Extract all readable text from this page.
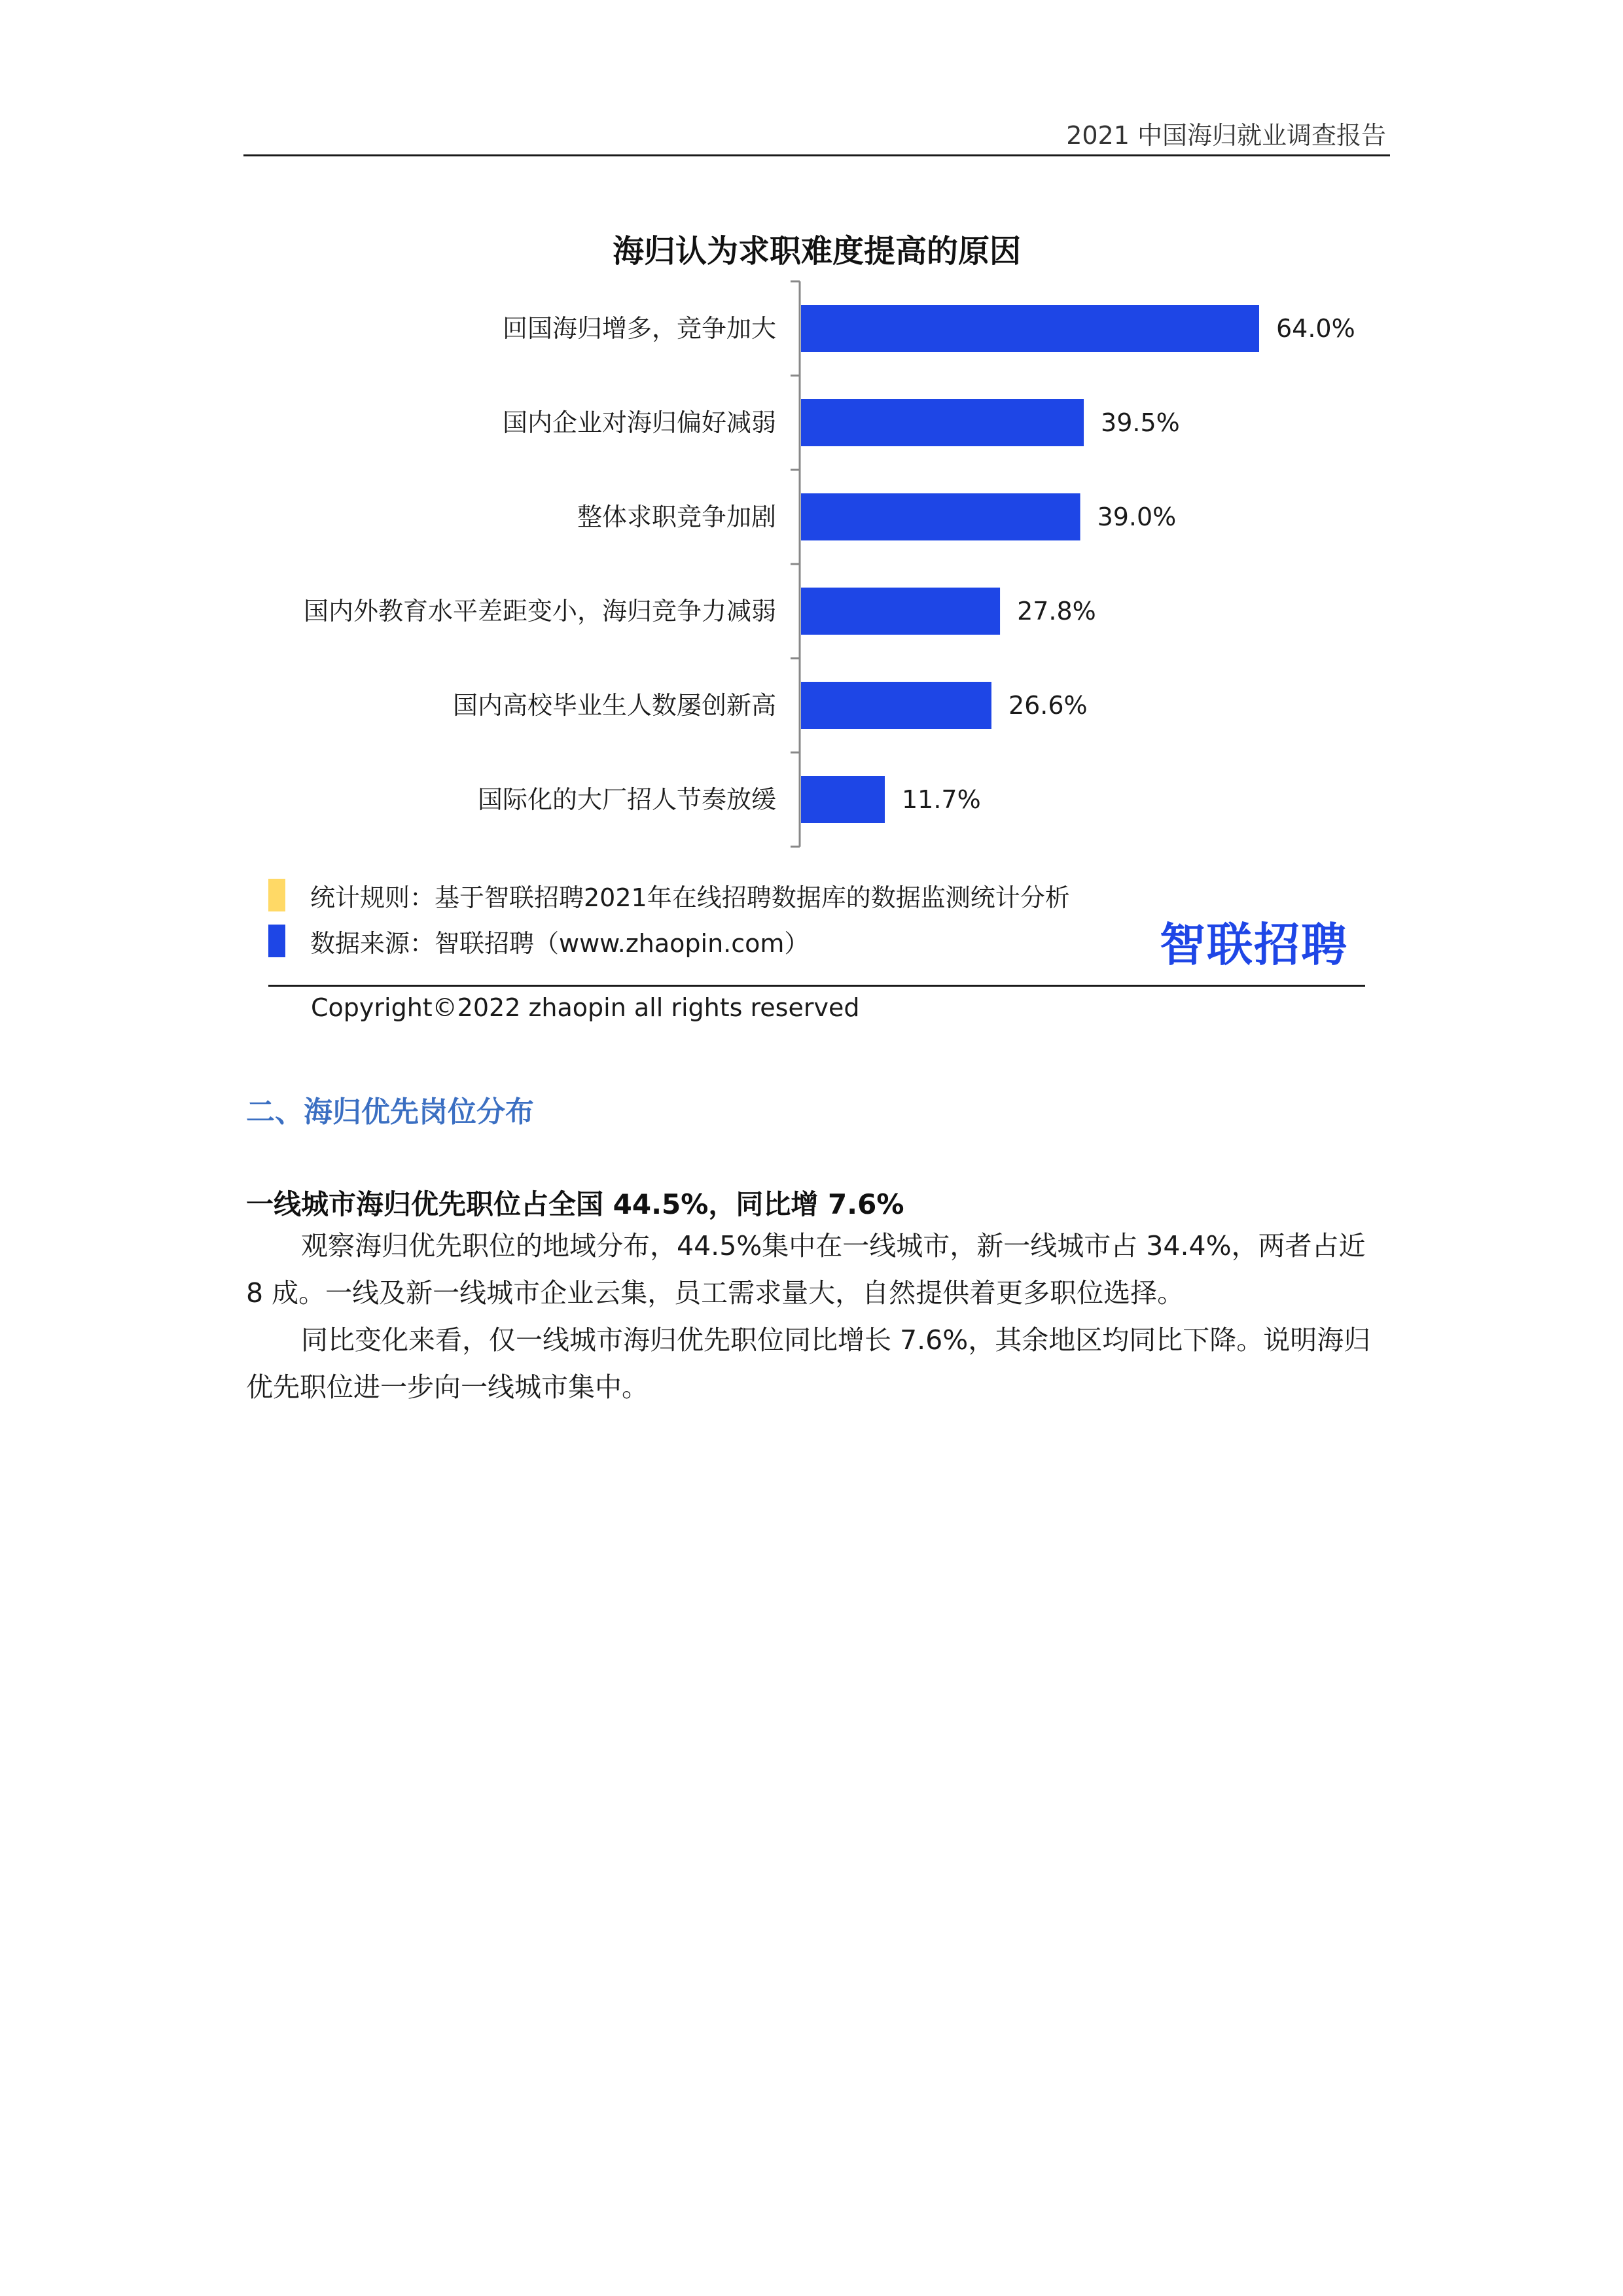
2021 中国海归就业调查报告
海归认为求职难度提高的原因
回国海归增多，竞争加大	64.0%
国内企业对海归偏好减弱	39.5%
整体求职竞争加剧	39.0%
国内外教育水平差距变小，海归竞争力减弱	27.8%
国内高校毕业生人数屡创新高	26.6%
国际化的大厂招人节奏放缓	11.7%
统计规则：基于智联招聘2021年在线招聘数据库的数据监测统计分析
数据来源：智联招聘（www.zhaopin.com）	智联招聘
Copyright©2022 zhaopin all rights reserved
二、海归优先岗位分布
一线城市海归优先职位占全国 44.5%，同比增 7.6%

观察海归优先职位的地域分布，44.5%集中在一线城市，新一线城市占 34.4%，两者占近 8 成。一线及新一线城市企业云集，员工需求量大，自然提供着更多职位选择。

同比变化来看，仅一线城市海归优先职位同比增长 7.6%，其余地区均同比下降。说明海归优先职位进一步向一线城市集中。
